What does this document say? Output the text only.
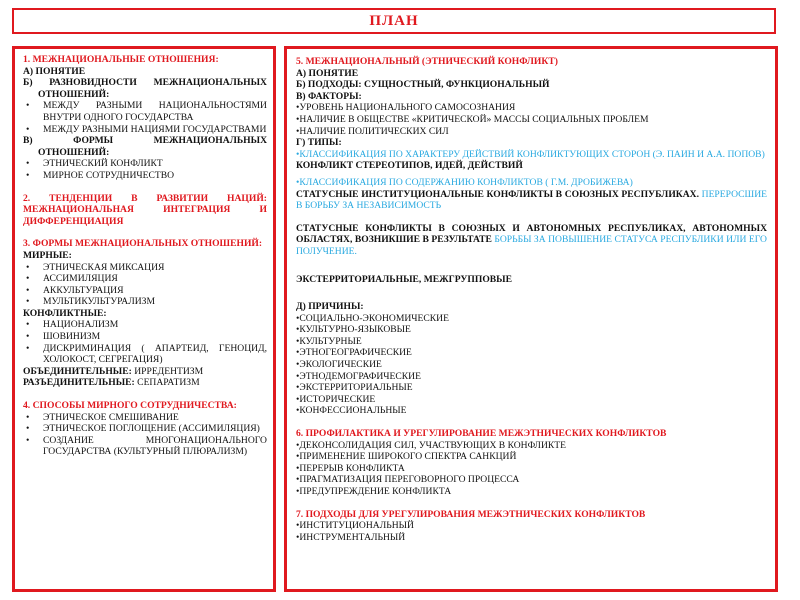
ПЛАН
1. МЕЖНАЦИОНАЛЬНЫЕ ОТНОШЕНИЯ:
А) ПОНЯТИЕ
Б) РАЗНОВИДНОСТИ МЕЖНАЦИОНАЛЬНЫХ
ОТНОШЕНИЙ:
• МЕЖДУ РАЗНЫМИ НАЦИОНАЛЬНОСТЯМИ ВНУТРИ ОДНОГО ГОСУДАРСТВА
• МЕЖДУ РАЗНЫМИ НАЦИЯМИ ГОСУДАРСТВАМИ
В) ФОРМЫ МЕЖНАЦИОНАЛЬНЫХ
ОТНОШЕНИЙ:
• ЭТНИЧЕСКИЙ КОНФЛИКТ
• МИРНОЕ СОТРУДНИЧЕСТВО
2. ТЕНДЕНЦИИ В РАЗВИТИИ НАЦИЙ: МЕЖНАЦИОНАЛЬНАЯ ИНТЕГРАЦИЯ И ДИФФЕРЕНЦИАЦИЯ
3. ФОРМЫ МЕЖНАЦИОНАЛЬНЫХ ОТНОШЕНИЙ:
МИРНЫЕ:
• ЭТНИЧЕСКАЯ МИКСАЦИЯ
• АССИМИЛЯЦИЯ
• АККУЛЬТУРАЦИЯ
• МУЛЬТИКУЛЬТУРАЛИЗМ
КОНФЛИКТНЫЕ:
• НАЦИОНАЛИЗМ
• ШОВИНИЗМ
• ДИСКРИМИНАЦИЯ ( АПАРТЕИД, ГЕНОЦИД, ХОЛОКОСТ, СЕГРЕГАЦИЯ)
ОБЪЕДИНИТЕЛЬНЫЕ: ИРРЕДЕНТИЗМ
РАЗЪЕДИНИТЕЛЬНЫЕ: СЕПАРАТИЗМ
4. СПОСОБЫ МИРНОГО СОТРУДНИЧЕСТВА:
• ЭТНИЧЕСКОЕ СМЕШИВАНИЕ
• ЭТНИЧЕСКОЕ ПОГЛОЩЕНИЕ (АССИМИЛЯЦИЯ)
• СОЗДАНИЕ МНОГОНАЦИОНАЛЬНОГО ГОСУДАРСТВА (КУЛЬТУРНЫЙ ПЛЮРАЛИЗМ)
5. МЕЖНАЦИОНАЛЬНЫЙ (ЭТНИЧЕСКИЙ КОНФЛИКТ)
А) ПОНЯТИЕ
Б) ПОДХОДЫ: СУЩНОСТНЫЙ, ФУНКЦИОНАЛЬНЫЙ
В) ФАКТОРЫ:
• УРОВЕНЬ НАЦИОНАЛЬНОГО САМОСОЗНАНИЯ
• НАЛИЧИЕ В ОБЩЕСТВЕ «КРИТИЧЕСКОЙ» МАССЫ СОЦИАЛЬНЫХ ПРОБЛЕМ
• НАЛИЧИЕ ПОЛИТИЧЕСКИХ СИЛ
Г) ТИПЫ:
•КЛАССИФИКАЦИЯ ПО ХАРАКТЕРУ ДЕЙСТВИЙ КОНФЛИКТУЮЩИХ СТОРОН (Э. ПАИН И А.А. ПОПОВ)
КОНФЛИКТ СТЕРЕОТИПОВ, ИДЕЙ, ДЕЙСТВИЙ
•КЛАССИФИКАЦИЯ ПО СОДЕРЖАНИЮ КОНФЛИКТОВ ( Г.М. ДРОБИЖЕВА)
СТАТУСНЫЕ ИНСТИТУЦИОНАЛЬНЫЕ КОНФЛИКТЫ В СОЮЗНЫХ РЕСПУБЛИКАХ. ПЕРЕРОСШИЕ В БОРЬБУ ЗА НЕЗАВИСИМОСТЬ
СТАТУСНЫЕ КОНФЛИКТЫ В СОЮЗНЫХ И АВТОНОМНЫХ РЕСПУБЛИКАХ, АВТОНОМНЫХ ОБЛАСТЯХ, ВОЗНИКШИЕ В РЕЗУЛЬТАТЕ БОРЬБЫ ЗА ПОВЫШЕНИЕ СТАТУСА РЕСПУБЛИКИ ИЛИ ЕГО ПОЛУЧЕНИЕ.
ЭКСТЕРРИТОРИАЛЬНЫЕ, МЕЖГРУППОВЫЕ
Д) ПРИЧИНЫ:
• СОЦИАЛЬНО-ЭКОНОМИЧЕСКИЕ
• КУЛЬТУРНО-ЯЗЫКОВЫЕ
• КУЛЬТУРНЫЕ
• ЭТНОГЕОГРАФИЧЕСКИЕ
• ЭКОЛОГИЧЕСКИЕ
• ЭТНОДЕМОГРАФИЧЕСКИЕ
• ЭКСТЕРРИТОРИАЛЬНЫЕ
• ИСТОРИЧЕСКИЕ
• КОНФЕССИОНАЛЬНЫЕ
6. ПРОФИЛАКТИКА И УРЕГУЛИРОВАНИЕ МЕЖЭТНИЧЕСКИХ КОНФЛИКТОВ
• ДЕКОНСОЛИДАЦИЯ СИЛ, УЧАСТВУЮЩИХ В КОНФЛИКТЕ
• ПРИМЕНЕНИЕ ШИРОКОГО СПЕКТРА САНКЦИЙ
• ПЕРЕРЫВ КОНФЛИКТА
• ПРАГМАТИЗАЦИЯ ПЕРЕГОВОРНОГО ПРОЦЕССА
• ПРЕДУПРЕЖДЕНИЕ КОНФЛИКТА
7. ПОДХОДЫ ДЛЯ УРЕГУЛИРОВАНИЯ МЕЖЭТНИЧЕСКИХ КОНФЛИКТОВ
• ИНСТИТУЦИОНАЛЬНЫЙ
• ИНСТРУМЕНТАЛЬНЫЙ
